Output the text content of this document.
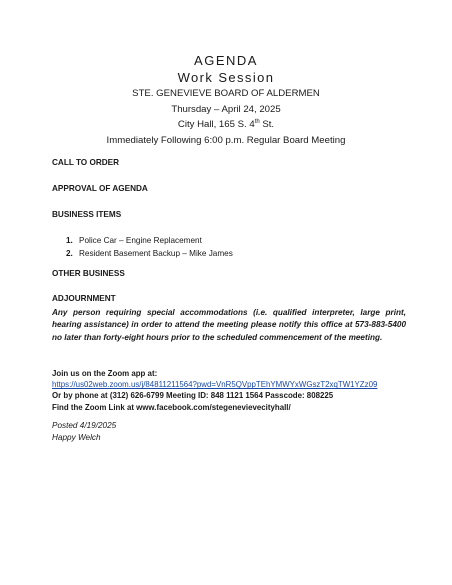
AGENDA
Work Session
STE. GENEVIEVE BOARD OF ALDERMEN
Thursday – April 24, 2025
City Hall, 165 S. 4th St.
Immediately Following 6:00 p.m. Regular Board Meeting
CALL TO ORDER
APPROVAL OF AGENDA
BUSINESS ITEMS
1. Police Car – Engine Replacement
2. Resident Basement Backup – Mike James
OTHER BUSINESS
ADJOURNMENT
Any person requiring special accommodations (i.e. qualified interpreter, large print, hearing assistance) in order to attend the meeting please notify this office at 573-883-5400 no later than forty-eight hours prior to the scheduled commencement of the meeting.
Join us on the Zoom app at:
https://us02web.zoom.us/j/84811211564?pwd=VnR5QVppTEhYMWYxWGszT2xqTW1YZz09
Or by phone at (312) 626-6799 Meeting ID: 848 1121 1564 Passcode: 808225
Find the Zoom Link at www.facebook.com/stegenevievecityhall/
Posted 4/19/2025
Happy Welch
